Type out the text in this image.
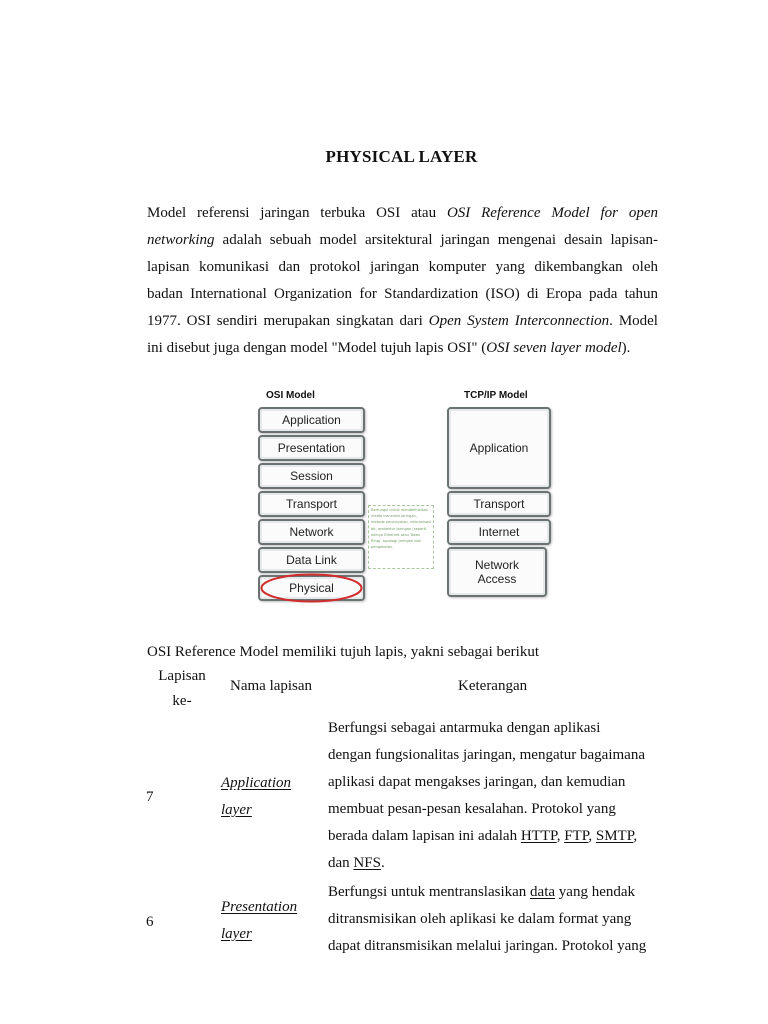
PHYSICAL LAYER
Model referensi jaringan terbuka OSI atau OSI Reference Model for open
networking adalah sebuah model arsitektural jaringan mengenai desain lapisan-
lapisan komunikasi dan protokol jaringan komputer yang dikembangkan oleh
badan International Organization for Standardization (ISO) di Eropa pada tahun
1977. OSI sendiri merupakan singkatan dari Open System Interconnection. Model
ini disebut juga dengan model "Model tujuh lapis OSI" (OSI seven layer model).
OSI Model	TCP/IP Model
Application
Presentation
Session
Transport
Network
Data Link
Physical
Application
Transport
Internet
Network Access
Berfungsi untuk mendefinisikan media transmisi jaringan, metode pensinyalan, sinkronisasi bit, arsitektur jaringan (seperti halnya Ethernet atau Token Ring), topologi jaringan dan pengabelan.
OSI Reference Model memiliki tujuh lapis, yakni sebagai berikut
Lapisan
ke-
Nama lapisan	Keterangan
7
Application
layer
Berfungsi sebagai antarmuka dengan aplikasi
dengan fungsionalitas jaringan, mengatur bagaimana
aplikasi dapat mengakses jaringan, dan kemudian
membuat pesan-pesan kesalahan. Protokol yang
berada dalam lapisan ini adalah HTTP, FTP, SMTP,
dan NFS.
6
Presentation
layer
Berfungsi untuk mentranslasikan data yang hendak
ditransmisikan oleh aplikasi ke dalam format yang
dapat ditransmisikan melalui jaringan. Protokol yang
